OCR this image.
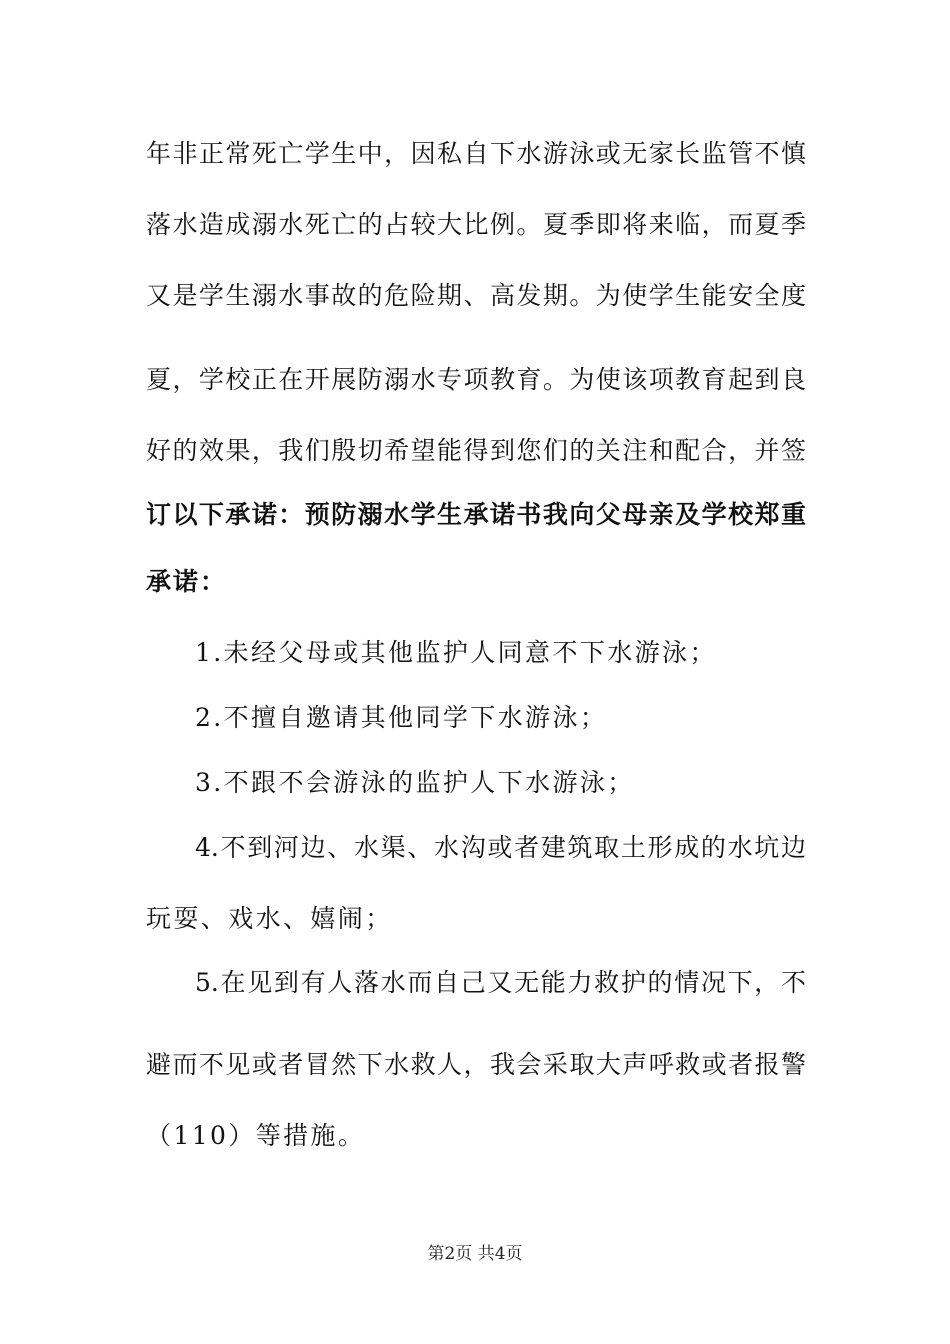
年非正常死亡学生中，因私自下水游泳或无家长监管不慎
落水造成溺水死亡的占较大比例。夏季即将来临，而夏季
又是学生溺水事故的危险期、高发期。为使学生能安全度
夏，学校正在开展防溺水专项教育。为使该项教育起到良
好的效果，我们殷切希望能得到您们的关注和配合，并签
订以下承诺：预防溺水学生承诺书我向父母亲及学校郑重
承诺：
1.未经父母或其他监护人同意不下水游泳；
2.不擅自邀请其他同学下水游泳；
3.不跟不会游泳的监护人下水游泳；
4.不到河边、水渠、水沟或者建筑取土形成的水坑边
玩耍、戏水、嬉闹；
5.在见到有人落水而自己又无能力救护的情况下，不
避而不见或者冒然下水救人，我会采取大声呼救或者报警
（110）等措施。
第2页 共4页
